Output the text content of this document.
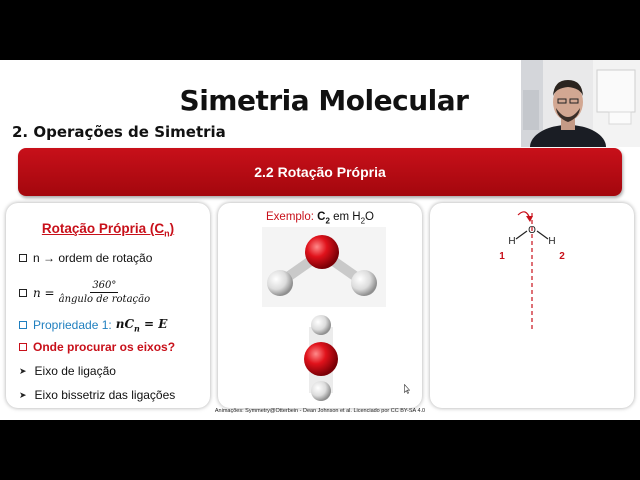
Simetria Molecular
2. Operações de Simetria
2.2 Rotação Própria
Rotação Própria $(C_n)$
n → ordem de rotação
$n = \frac{360^\circ}{\text{ângulo de rotação}}$
Propriedade 1: $nC_n = E$
Onde procurar os eixos?
➤ Eixo de ligação
➤ Eixo bissetriz das ligações
Exemplo: $C_2$ em $H_2O$
O
H	H
1	2
Animações: Symmetry@Otterbein - Dean Johnson et al. Licenciado por CC BY-SA 4.0
